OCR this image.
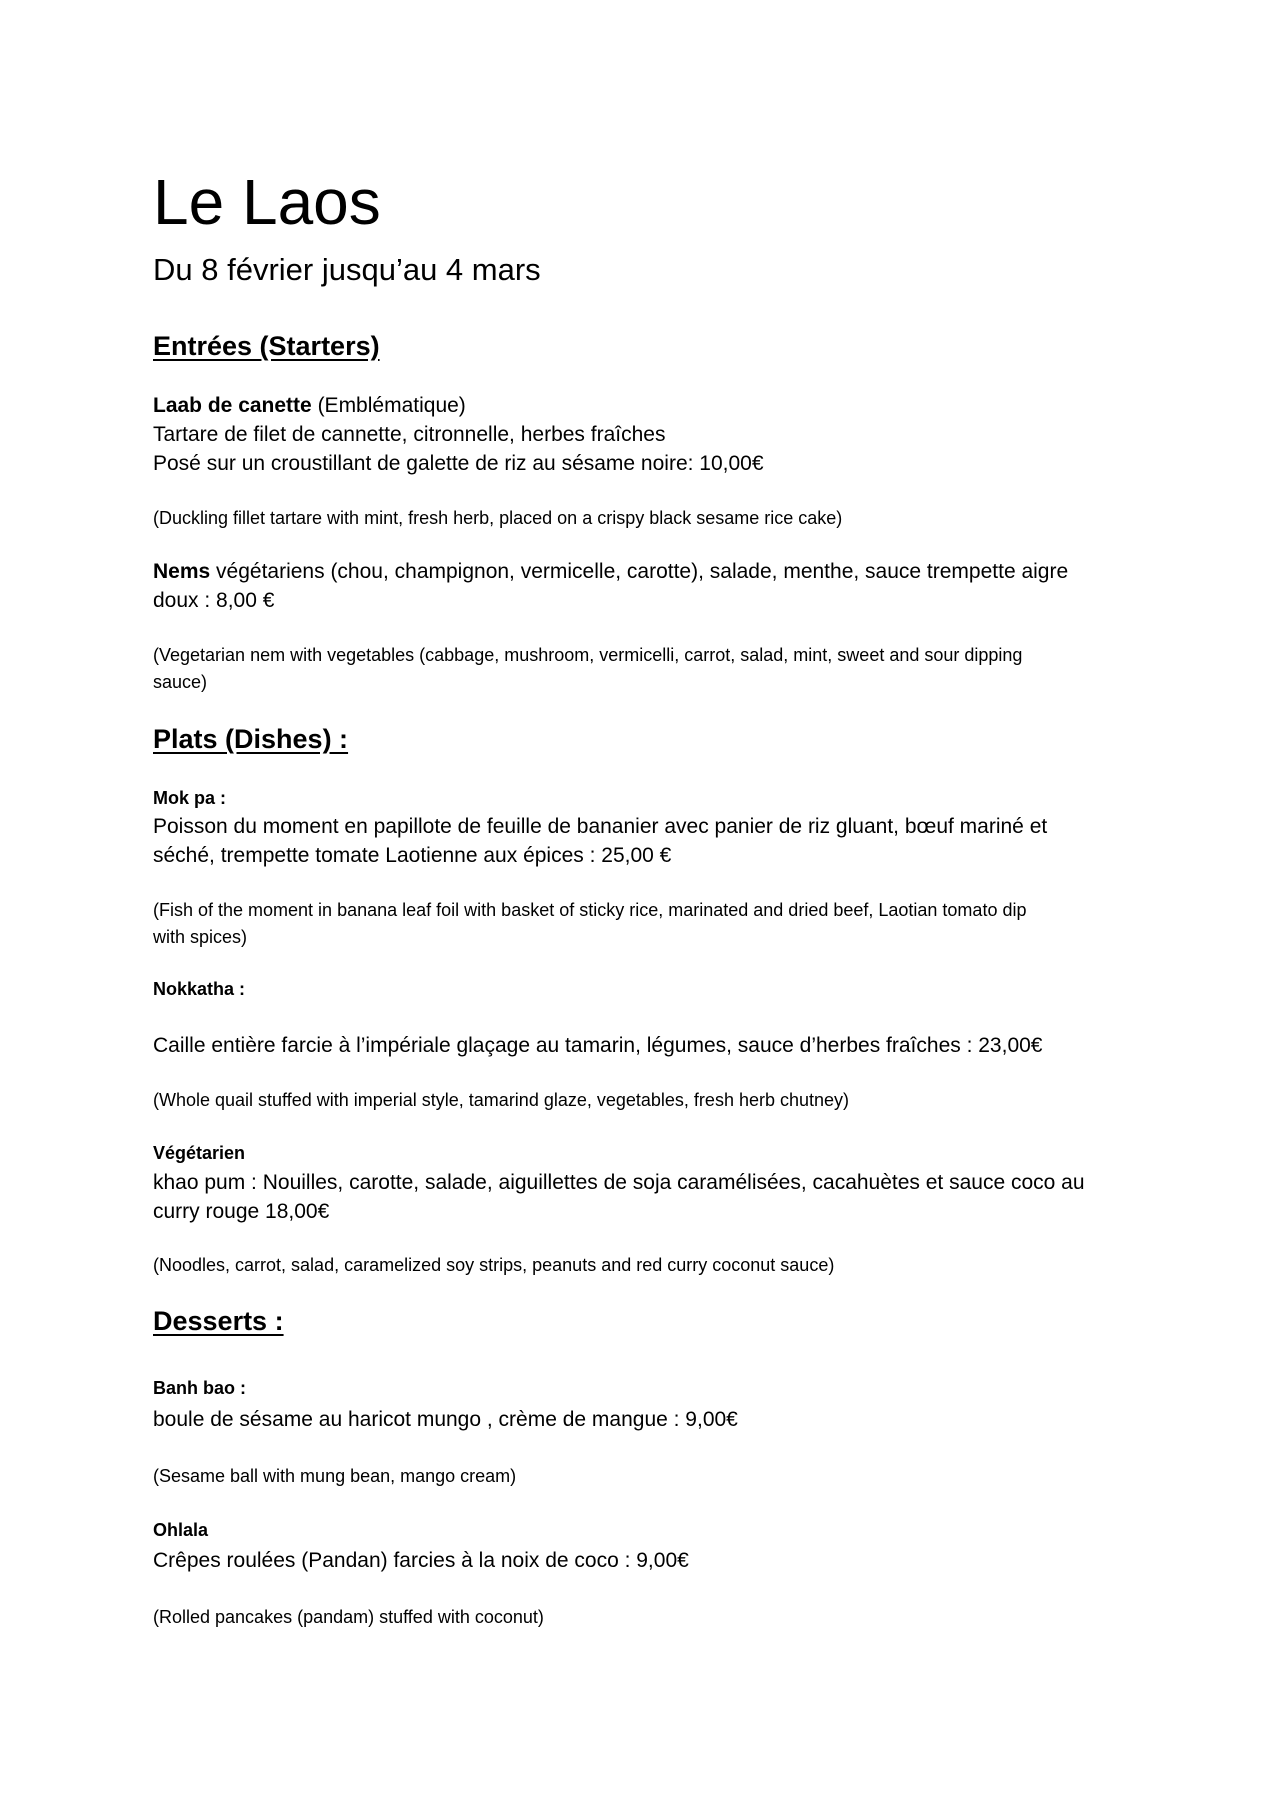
Le Laos
Du 8 février jusqu’au 4 mars
Entrées (Starters)
Laab de canette (Emblématique)
Tartare de filet de cannette, citronnelle, herbes fraîches
Posé sur un croustillant de galette de riz au sésame noire: 10,00€
(Duckling fillet tartare with mint, fresh herb, placed on a crispy black sesame rice cake)
Nems végétariens (chou, champignon, vermicelle, carotte), salade, menthe, sauce trempette aigre
doux : 8,00 €
(Vegetarian nem with vegetables (cabbage, mushroom, vermicelli, carrot, salad, mint, sweet and sour dipping
sauce)
Plats (Dishes) :
Mok pa :
Poisson du moment en papillote de feuille de bananier avec panier de riz gluant, bœuf mariné et
séché, trempette tomate Laotienne aux épices : 25,00 €
(Fish of the moment in banana leaf foil with basket of sticky rice, marinated and dried beef, Laotian tomato dip
with spices)
Nokkatha :
Caille entière farcie à l’impériale glaçage au tamarin, légumes, sauce d’herbes fraîches : 23,00€
(Whole quail stuffed with imperial style, tamarind glaze, vegetables, fresh herb chutney)
Végétarien
khao pum : Nouilles, carotte, salade, aiguillettes de soja caramélisées, cacahuètes et sauce coco au
curry rouge 18,00€
(Noodles, carrot, salad, caramelized soy strips, peanuts and red curry coconut sauce)
Desserts :
Banh bao :
boule de sésame au haricot mungo , crème de mangue : 9,00€
(Sesame ball with mung bean, mango cream)
Ohlala
Crêpes roulées (Pandan) farcies à la noix de coco : 9,00€
(Rolled pancakes (pandam) stuffed with coconut)
